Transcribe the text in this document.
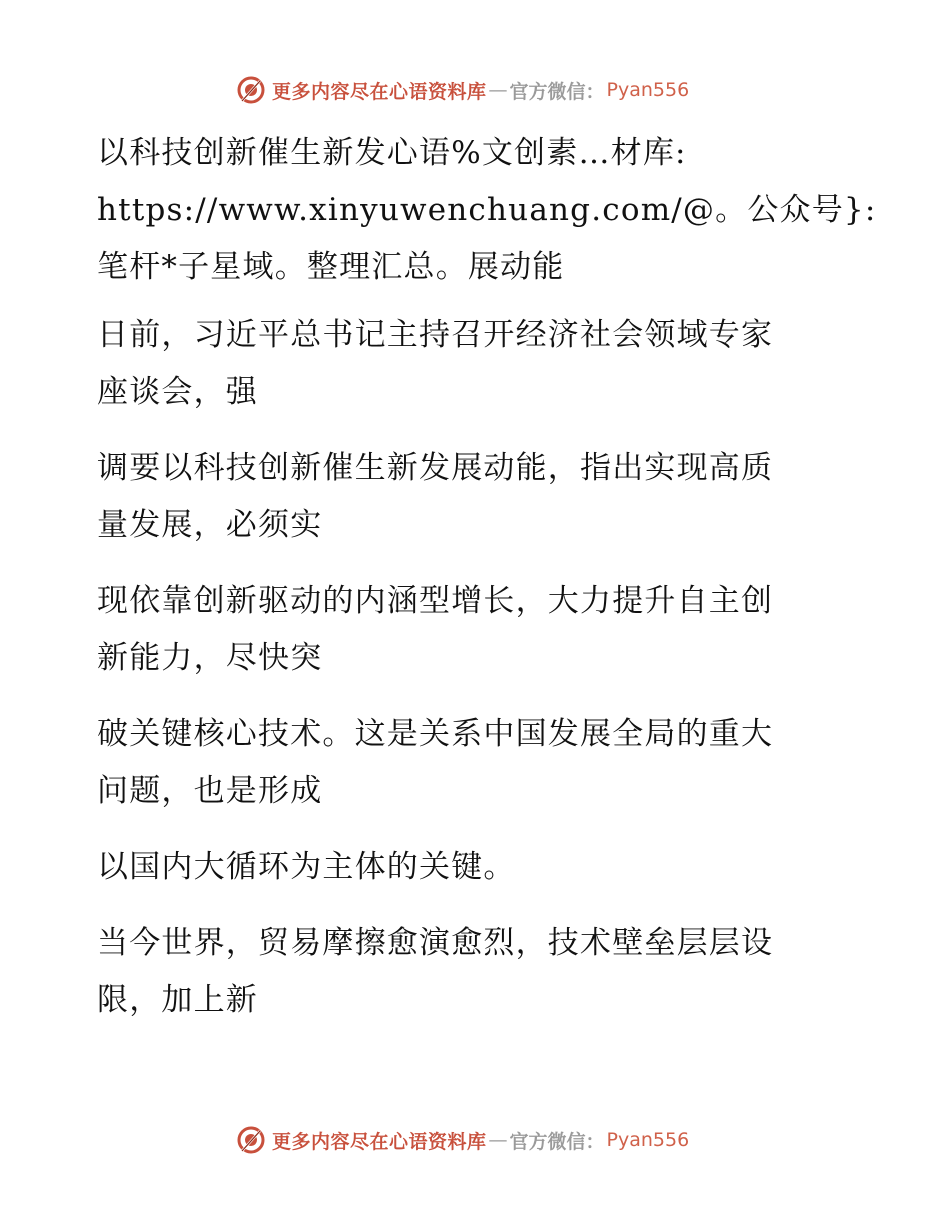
更多内容尽在心语资料库 — 官方微信： Pyan556
以科技创新催生新发心语%文创素…材库:
https://www.xinyuwenchuang.com/@。公众号}:
笔杆*子星域。整理汇总。展动能
日前，习近平总书记主持召开经济社会领域专家
座谈会，强
调要以科技创新催生新发展动能，指出实现高质
量发展，必须实
现依靠创新驱动的内涵型增长，大力提升自主创
新能力，尽快突
破关键核心技术。这是关系中国发展全局的重大
问题，也是形成
以国内大循环为主体的关键。
当今世界，贸易摩擦愈演愈烈，技术壁垒层层设
限，加上新
更多内容尽在心语资料库 — 官方微信： Pyan556
